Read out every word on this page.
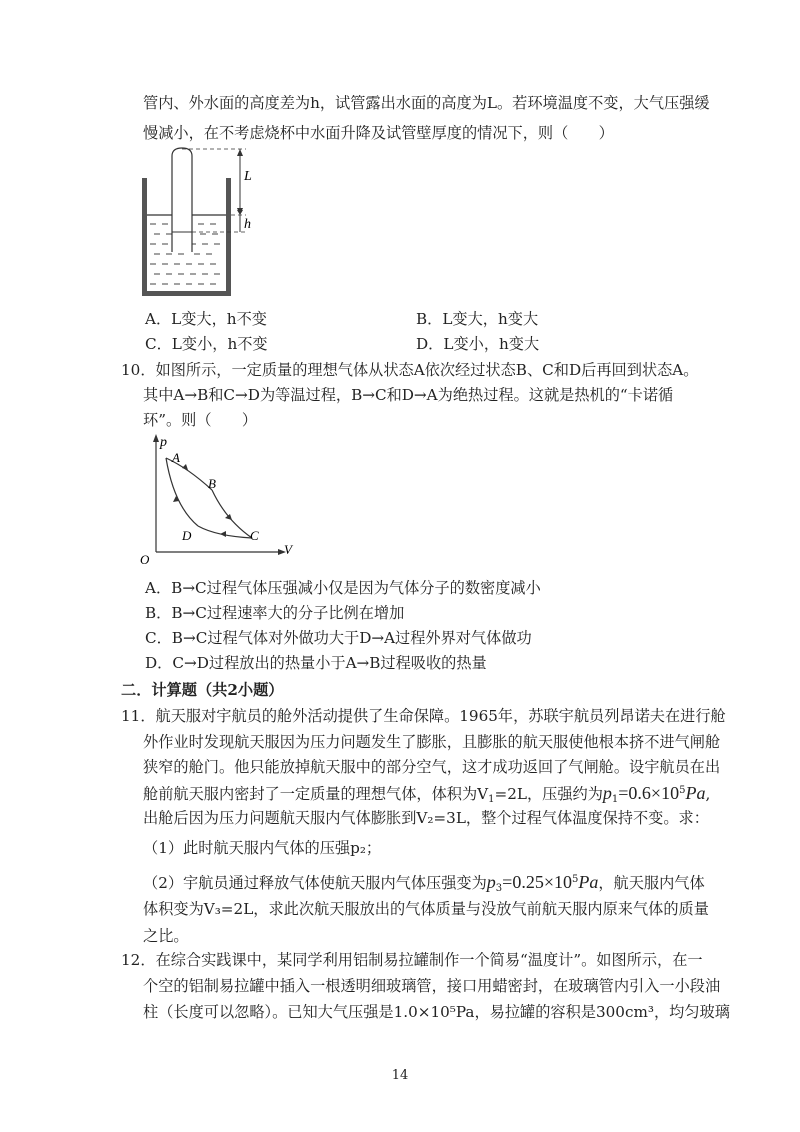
管内、外水面的高度差为h，试管露出水面的高度为L。若环境温度不变，大气压强缓
慢减小，在不考虑烧杯中水面升降及试管壁厚度的情况下，则（　　）
L
h
A．L变大，h不变	B．L变大，h变大
C．L变小，h不变	D．L变小，h变大
10．如图所示，一定质量的理想气体从状态A依次经过状态B、C和D后再回到状态A。
其中A→B和C→D为等温过程，B→C和D→A为绝热过程。这就是热机的“卡诺循
环”。则（　　）
p
V
O
A
B
C
D
A．B→C过程气体压强减小仅是因为气体分子的数密度减小
B．B→C过程速率大的分子比例在增加
C．B→C过程气体对外做功大于D→A过程外界对气体做功
D．C→D过程放出的热量小于A→B过程吸收的热量
二．计算题（共2小题）
11．航天服对宇航员的舱外活动提供了生命保障。1965年，苏联宇航员列昂诺夫在进行舱
外作业时发现航天服因为压力问题发生了膨胀，且膨胀的航天服使他根本挤不进气闸舱
狭窄的舱门。他只能放掉航天服中的部分空气，这才成功返回了气闸舱。设宇航员在出
舱前航天服内密封了一定质量的理想气体，体积为$V_1=2L$，压强约为$p_1=0.6\times 10^5Pa$,
出舱后因为压力问题航天服内气体膨胀到V₂=3L，整个过程气体温度保持不变。求：
（1）此时航天服内气体的压强p₂；
（2）宇航员通过释放气体使航天服内气体压强变为$p_3=0.25\times 10^5Pa$，航天服内气体
体积变为V₃=2L，求此次航天服放出的气体质量与没放气前航天服内原来气体的质量
之比。
12．在综合实践课中，某同学利用铝制易拉罐制作一个简易“温度计”。如图所示，在一
个空的铝制易拉罐中插入一根透明细玻璃管，接口用蜡密封，在玻璃管内引入一小段油
柱（长度可以忽略）。已知大气压强是1.0×10⁵Pa，易拉罐的容积是300cm³，均匀玻璃
14
